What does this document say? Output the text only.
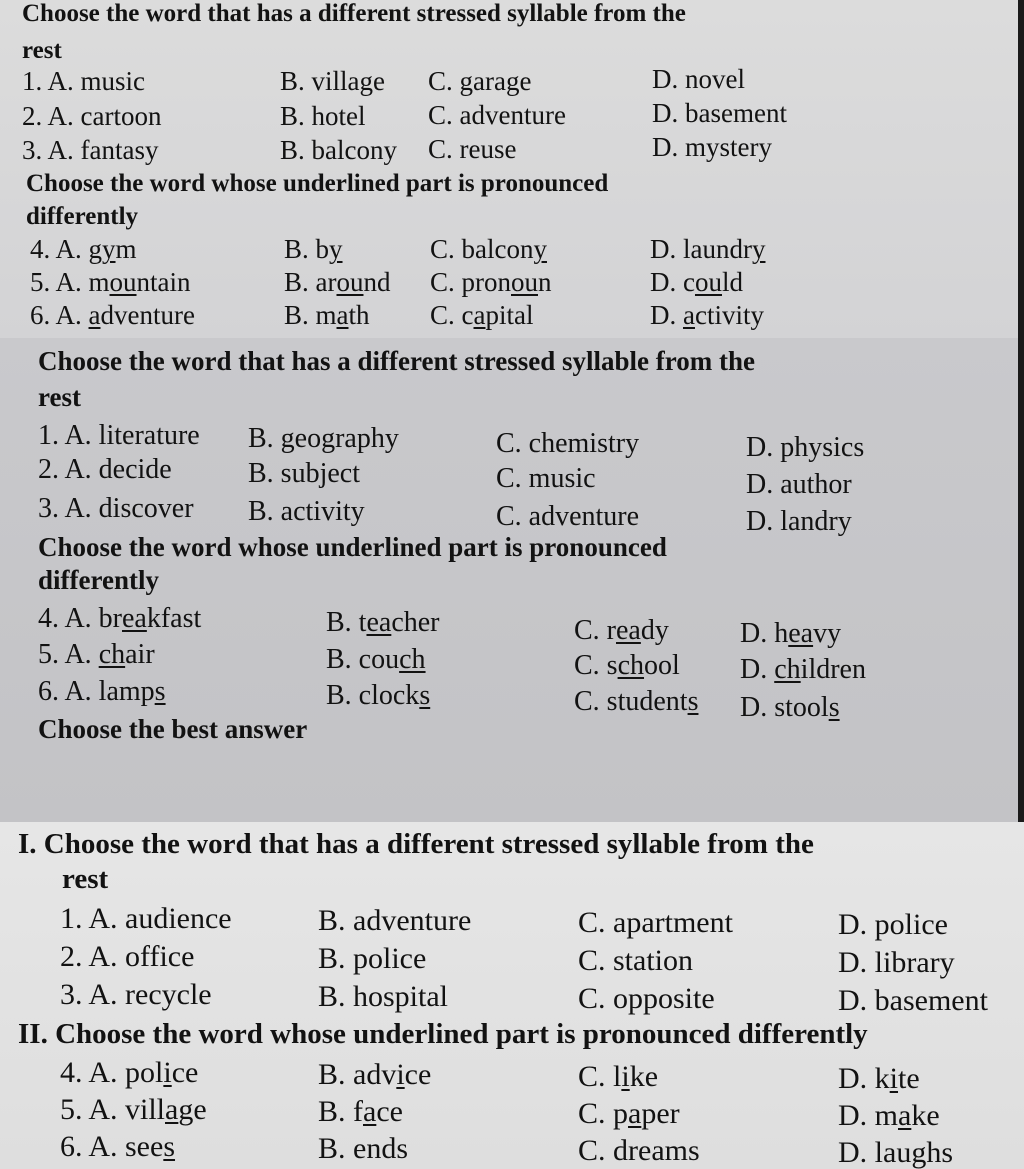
Choose the word that has a different stressed syllable from the
rest
1. A. music	B. village C. garage	D. novel
2. A. cartoon	B. hotel C. adventure	D. basement
3. A. fantasy	B. balcony C. reuse	D. mystery
Choose the word whose underlined part is pronounced
differently
4. A. gym	B. by	C. balcony	D. laundry
5. A. mountain	B. around C. pronoun	D. could
6. A. adventure	B. math C. capital	D. activity
Choose the word that has a different stressed syllable from the
rest
1. A. literature B. geography	C. chemistry	D. physics
2. A. decide	B. subject	C. music	D. author
3. A. discover B. activity	C. adventure	D. landry
Choose the word whose underlined part is pronounced
differently
4. A. breakfast	B. teacher	C. ready	D. heavy
5. A. chair	B. couch	C. school D. children
6. A. lamps	B. clocks	C. students D. stools
Choose the best answer
I. Choose the word that has a different stressed syllable from the
rest
1. A. audience	B. adventure	C. apartment	D. police
2. A. office	B. police	C. station	D. library
3. A. recycle	B. hospital	C. opposite	D. basement
II. Choose the word whose underlined part is pronounced differently
4. A. police	B. advice	C. like	D. kite
5. A. village	B. face	C. paper	D. make
6. A. sees	B. ends	C. dreams	D. laughs
